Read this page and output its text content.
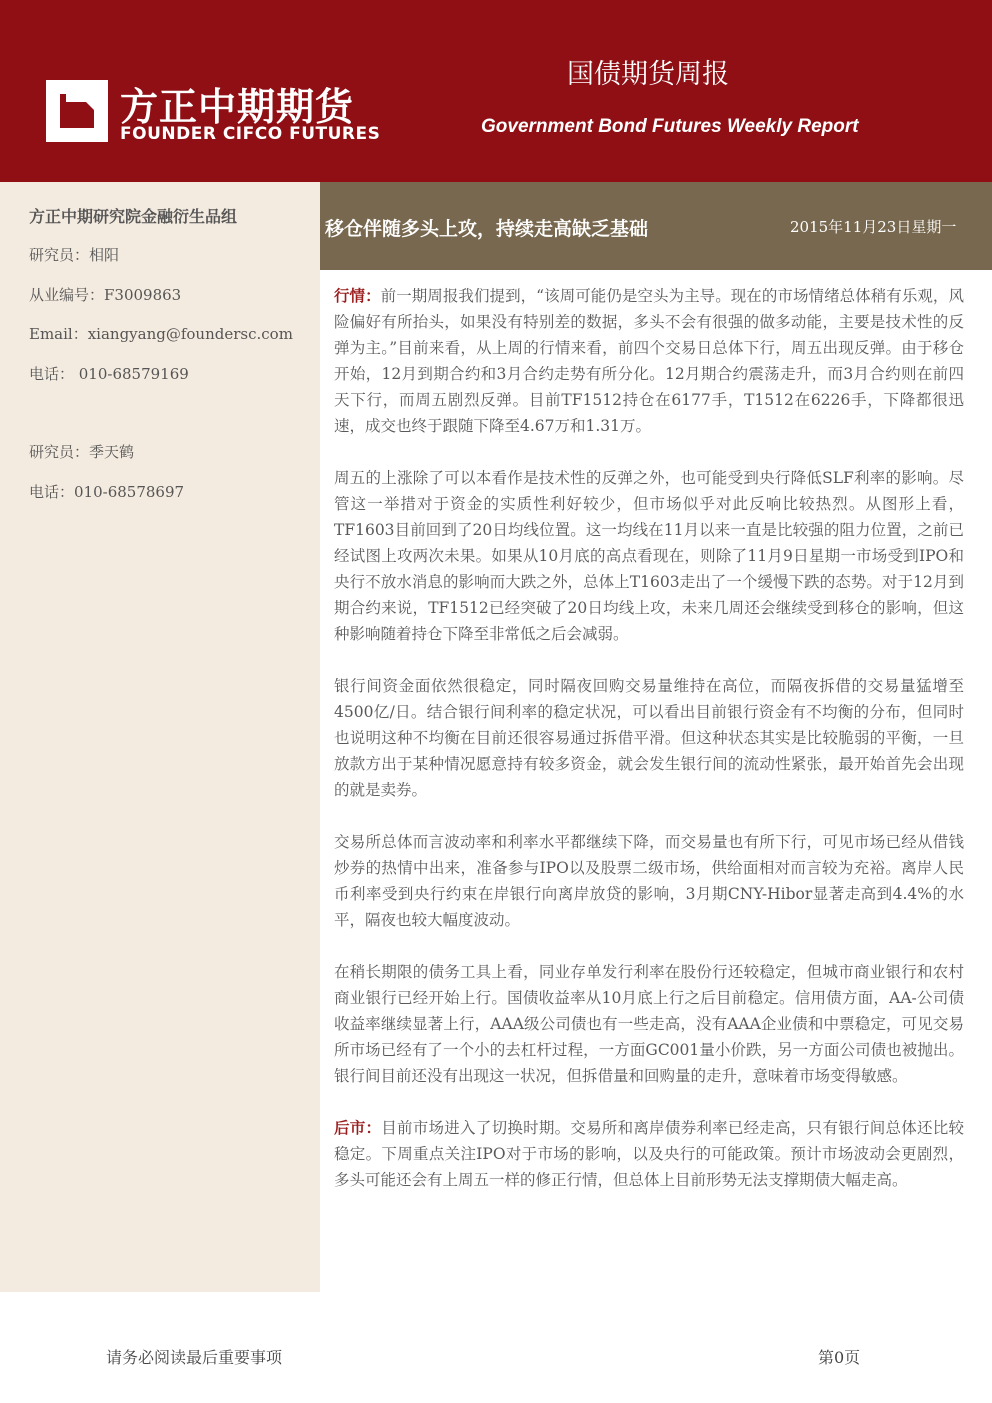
方正中期期货
FOUNDER CIFCO FUTURES
国债期货周报
Government Bond Futures Weekly Report
方正中期研究院金融衍生品组
研究员：相阳
从业编号：F3009863
Email：xiangyang@foundersc.com
电话： 010-68579169
研究员：季天鹤
电话：010-68578697
移仓伴随多头上攻，持续走高缺乏基础	2015年11月23日星期一

行情：前一期周报我们提到，“该周可能仍是空头为主导。现在的市场情绪总体稍有乐观，风险偏好有所抬头，如果没有特别差的数据，多头不会有很强的做多动能，主要是技术性的反弹为主。”目前来看，从上周的行情来看，前四个交易日总体下行，周五出现反弹。由于移仓开始，12月到期合约和3月合约走势有所分化。12月期合约震荡走升，而3月合约则在前四天下行，而周五剧烈反弹。目前TF1512持仓在6177手，T1512在6226手，下降都很迅速，成交也终于跟随下降至4.67万和1.31万。

周五的上涨除了可以本看作是技术性的反弹之外，也可能受到央行降低SLF利率的影响。尽管这一举措对于资金的实质性利好较少，但市场似乎对此反响比较热烈。从图形上看，TF1603目前回到了20日均线位置。这一均线在11月以来一直是比较强的阻力位置，之前已经试图上攻两次未果。如果从10月底的高点看现在，则除了11月9日星期一市场受到IPO和央行不放水消息的影响而大跌之外，总体上T1603走出了一个缓慢下跌的态势。对于12月到期合约来说，TF1512已经突破了20日均线上攻，未来几周还会继续受到移仓的影响，但这种影响随着持仓下降至非常低之后会减弱。

银行间资金面依然很稳定，同时隔夜回购交易量维持在高位，而隔夜拆借的交易量猛增至4500亿/日。结合银行间利率的稳定状况，可以看出目前银行资金有不均衡的分布，但同时也说明这种不均衡在目前还很容易通过拆借平滑。但这种状态其实是比较脆弱的平衡，一旦放款方出于某种情况愿意持有较多资金，就会发生银行间的流动性紧张，最开始首先会出现的就是卖券。

交易所总体而言波动率和利率水平都继续下降，而交易量也有所下行，可见市场已经从借钱炒券的热情中出来，准备参与IPO以及股票二级市场，供给面相对而言较为充裕。离岸人民币利率受到央行约束在岸银行向离岸放贷的影响，3月期CNY-Hibor显著走高到4.4%的水平，隔夜也较大幅度波动。

在稍长期限的债务工具上看，同业存单发行利率在股份行还较稳定，但城市商业银行和农村商业银行已经开始上行。国债收益率从10月底上行之后目前稳定。信用债方面，AA-公司债收益率继续显著上行，AAA级公司债也有一些走高，没有AAA企业债和中票稳定，可见交易所市场已经有了一个小的去杠杆过程，一方面GC001量小价跌，另一方面公司债也被抛出。银行间目前还没有出现这一状况，但拆借量和回购量的走升，意味着市场变得敏感。

后市：目前市场进入了切换时期。交易所和离岸债券利率已经走高，只有银行间总体还比较稳定。下周重点关注IPO对于市场的影响，以及央行的可能政策。预计市场波动会更剧烈，多头可能还会有上周五一样的修正行情，但总体上目前形势无法支撑期债大幅走高。

请务必阅读最后重要事项	第0页
